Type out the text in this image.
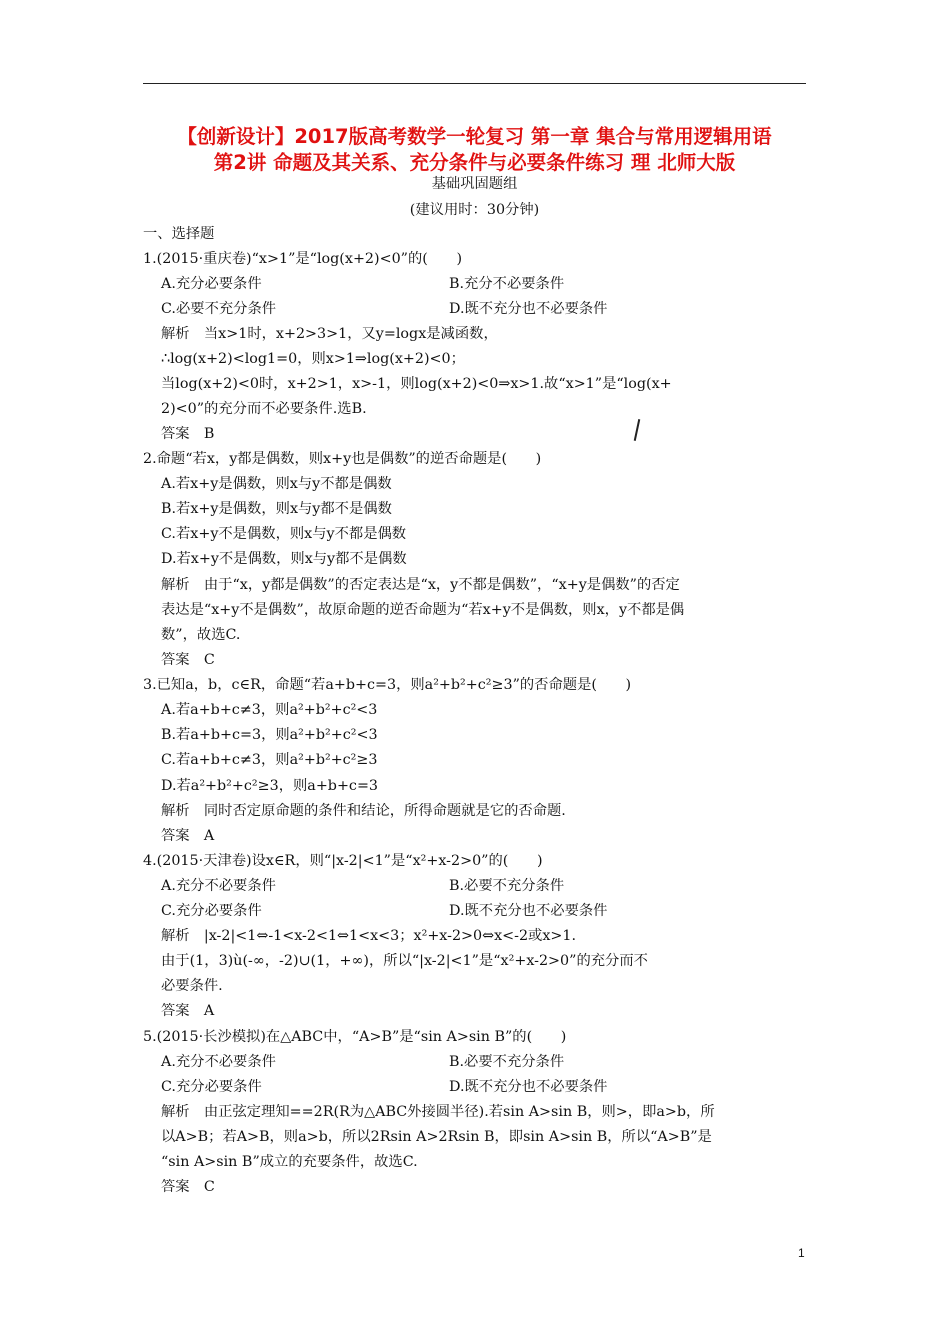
【创新设计】2017版高考数学一轮复习 第一章 集合与常用逻辑用语
第2讲 命题及其关系、充分条件与必要条件练习 理 北师大版
基础巩固题组
(建议用时：30分钟)
一、选择题
1.(2015·重庆卷)“x>1”是“log(x+2)<0”的(　　)
A.充分必要条件	B.充分不必要条件
C.必要不充分条件	D.既不充分也不必要条件
解析　当x>1时，x+2>3>1，又y=logx是减函数，
∴log(x+2)<log1=0，则x>1⇒log(x+2)<0；
当log(x+2)<0时，x+2>1，x>-1，则log(x+2)<0⇒x>1.故“x>1”是“log(x+
2)<0”的充分而不必要条件.选B.
答案　B
2.命题“若x，y都是偶数，则x+y也是偶数”的逆否命题是(　　)
A.若x+y是偶数，则x与y不都是偶数
B.若x+y是偶数，则x与y都不是偶数
C.若x+y不是偶数，则x与y不都是偶数
D.若x+y不是偶数，则x与y都不是偶数
解析　由于“x，y都是偶数”的否定表达是“x，y不都是偶数”，“x+y是偶数”的否定
表达是“x+y不是偶数”，故原命题的逆否命题为“若x+y不是偶数，则x，y不都是偶
数”，故选C.
答案　C
3.已知a，b，c∈R，命题“若a+b+c=3，则a²+b²+c²≥3”的否命题是(　　)
A.若a+b+c≠3，则a²+b²+c²<3
B.若a+b+c=3，则a²+b²+c²<3
C.若a+b+c≠3，则a²+b²+c²≥3
D.若a²+b²+c²≥3，则a+b+c=3
解析　同时否定原命题的条件和结论，所得命题就是它的否命题.
答案　A
4.(2015·天津卷)设x∈R，则“|x-2|<1”是“x²+x-2>0”的(　　)
A.充分不必要条件	B.必要不充分条件
C.充分必要条件	D.既不充分也不必要条件
解析　|x-2|<1⇔-1<x-2<1⇔1<x<3；x²+x-2>0⇔x<-2或x>1.
由于(1，3)ù(-∞，-2)∪(1，+∞)，所以“|x-2|<1”是“x²+x-2>0”的充分而不
必要条件.
答案　A
5.(2015·长沙模拟)在△ABC中，“A>B”是“sin A>sin B”的(　　)
A.充分不必要条件	B.必要不充分条件
C.充分必要条件	D.既不充分也不必要条件
解析　由正弦定理知==2R(R为△ABC外接圆半径).若sin A>sin B，则>，即a>b，所
以A>B；若A>B，则a>b，所以2Rsin A>2Rsin B，即sin A>sin B，所以“A>B”是
“sin A>sin B”成立的充要条件，故选C.
答案　C
1
